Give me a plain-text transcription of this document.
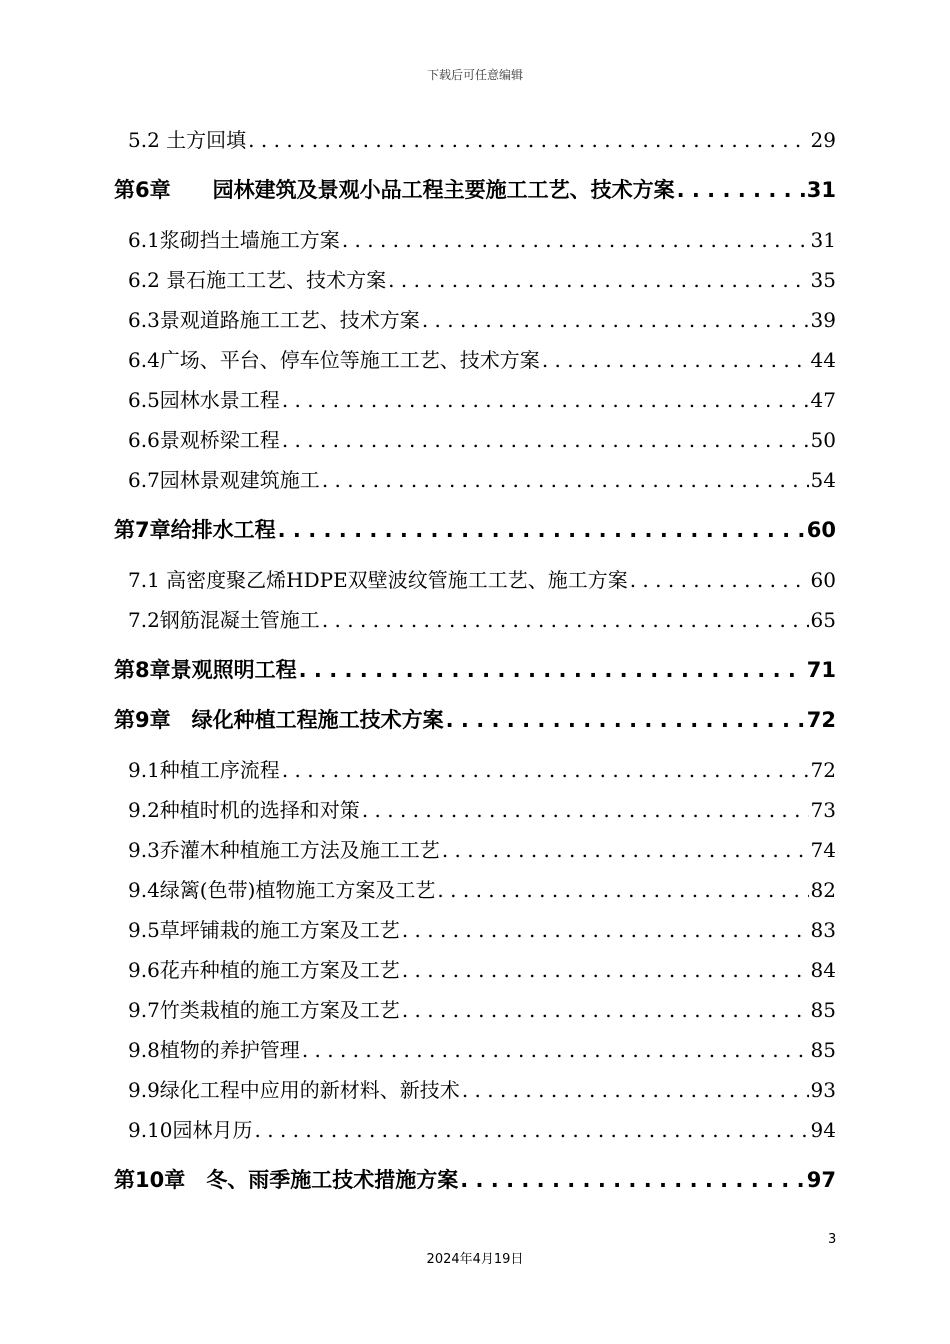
下载后可任意编辑
5.2 土方回填 . . .	29
第6章　　园林建筑及景观小品工程主要施工工艺、技术方案 . . .	31
6.1浆砌挡土墙施工方案 . . .	31
6.2 景石施工工艺、技术方案 . . .	35
6.3景观道路施工工艺、技术方案 . . .	39
6.4广场、平台、停车位等施工工艺、技术方案 . . .	44
6.5园林水景工程 . . .	47
6.6景观桥梁工程 . . .	50
6.7园林景观建筑施工 . . .	54
第7章给排水工程 . . .	60
7.1 高密度聚乙烯HDPE双壁波纹管施工工艺、施工方案 . . .	60
7.2钢筋混凝土管施工 . . .	65
第8章景观照明工程 . . .	71
第9章　绿化种植工程施工技术方案 . . .	72
9.1种植工序流程 . . .	72
9.2种植时机的选择和对策 . . .	73
9.3乔灌木种植施工方法及施工工艺 . . .	74
9.4绿篱(色带)植物施工方案及工艺 . . .	82
9.5草坪铺栽的施工方案及工艺 . . .	83
9.6花卉种植的施工方案及工艺 . . .	84
9.7竹类栽植的施工方案及工艺 . . .	85
9.8植物的养护管理 . . .	85
9.9绿化工程中应用的新材料、新技术 . . .	93
9.10园林月历 . . .	94
第10章　冬、雨季施工技术措施方案 . . .	97
3
2024年4月19日
